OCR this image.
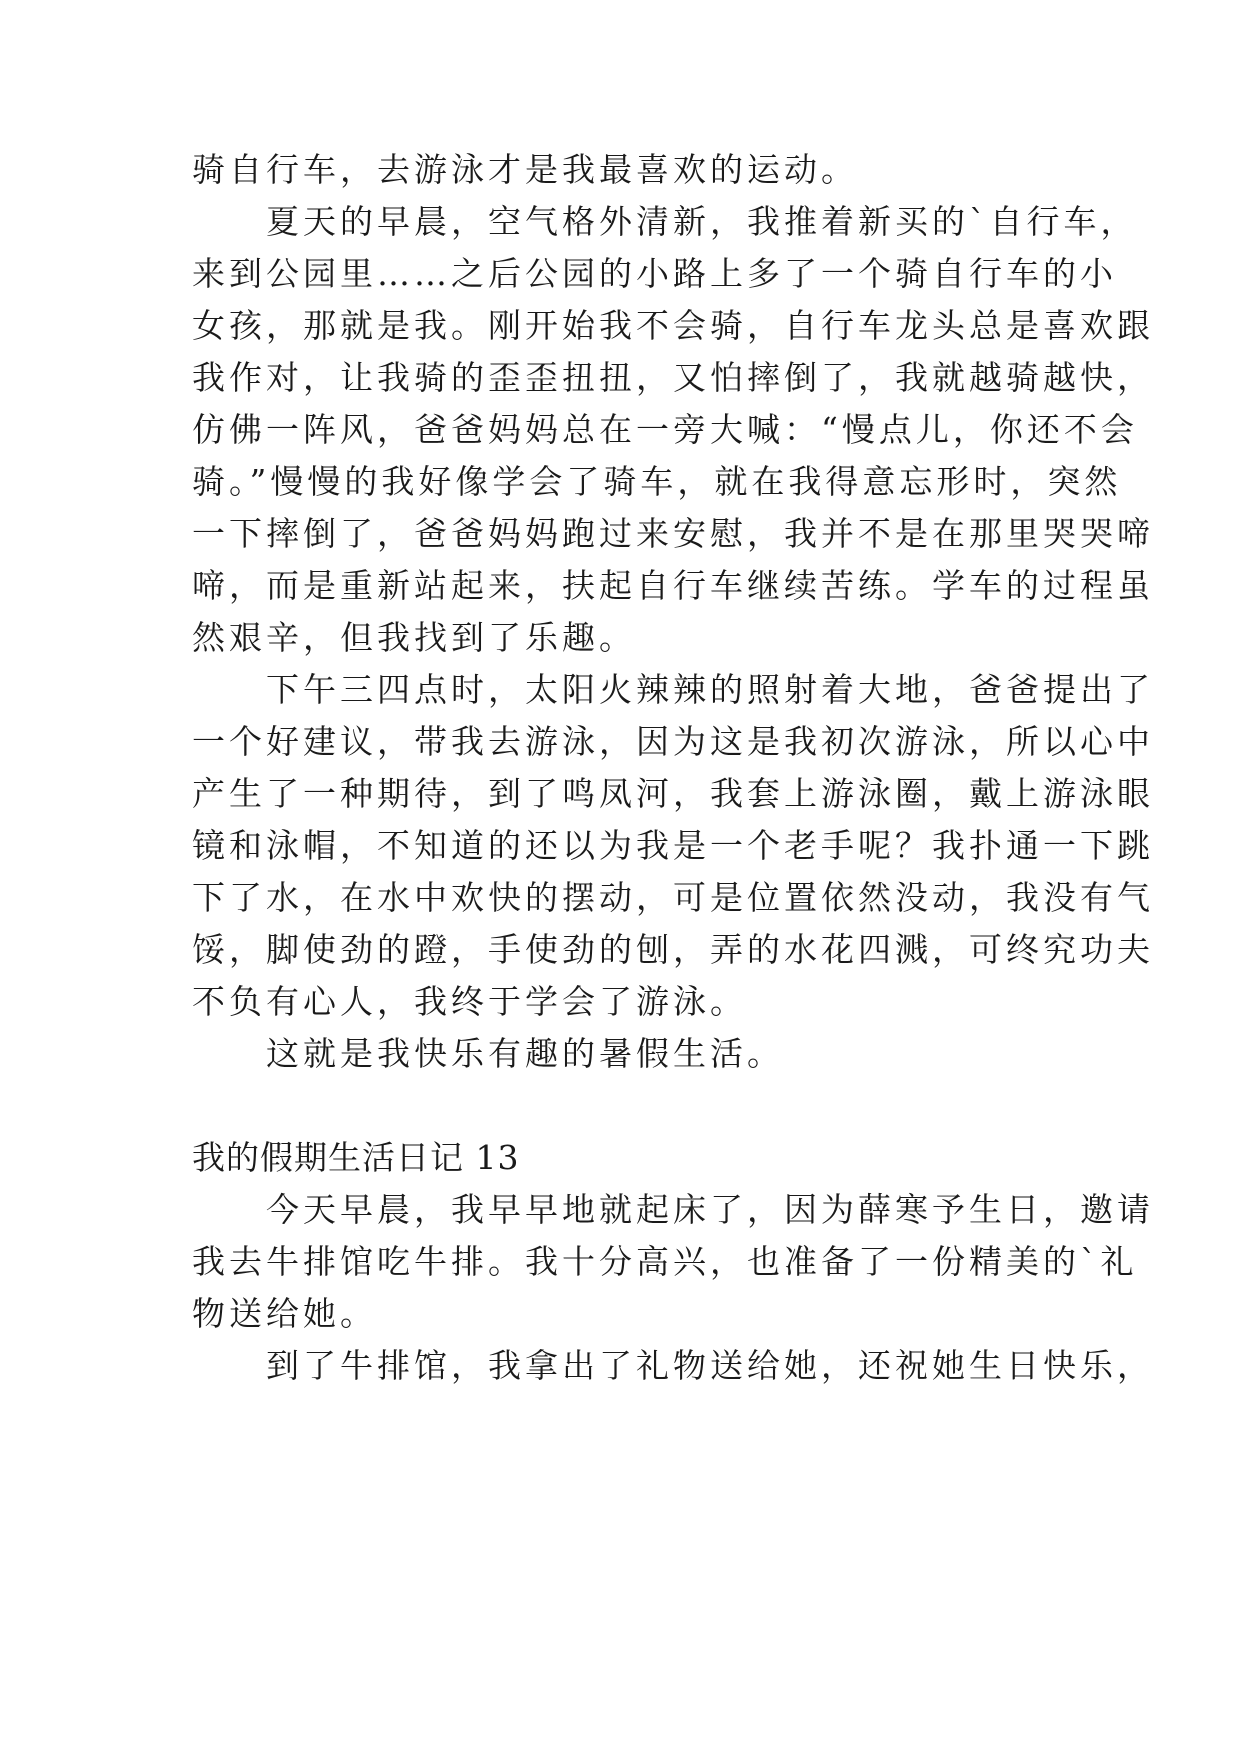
骑自行车，去游泳才是我最喜欢的运动。
　　夏天的早晨，空气格外清新，我推着新买的`自行车，
来到公园里……之后公园的小路上多了一个骑自行车的小
女孩，那就是我。刚开始我不会骑，自行车龙头总是喜欢跟
我作对，让我骑的歪歪扭扭，又怕摔倒了，我就越骑越快，
仿佛一阵风，爸爸妈妈总在一旁大喊：“慢点儿，你还不会
骑。”慢慢的我好像学会了骑车，就在我得意忘形时，突然
一下摔倒了，爸爸妈妈跑过来安慰，我并不是在那里哭哭啼
啼，而是重新站起来，扶起自行车继续苦练。学车的过程虽
然艰辛，但我找到了乐趣。
　　下午三四点时，太阳火辣辣的照射着大地，爸爸提出了
一个好建议，带我去游泳，因为这是我初次游泳，所以心中
产生了一种期待，到了鸣凤河，我套上游泳圈，戴上游泳眼
镜和泳帽，不知道的还以为我是一个老手呢？我扑通一下跳
下了水，在水中欢快的摆动，可是位置依然没动，我没有气
馁，脚使劲的蹬，手使劲的刨，弄的水花四溅，可终究功夫
不负有心人，我终于学会了游泳。
　　这就是我快乐有趣的暑假生活。
我的假期生活日记 13
　　今天早晨，我早早地就起床了，因为薛寒予生日，邀请
我去牛排馆吃牛排。我十分高兴，也准备了一份精美的`礼
物送给她。
　　到了牛排馆，我拿出了礼物送给她，还祝她生日快乐，
